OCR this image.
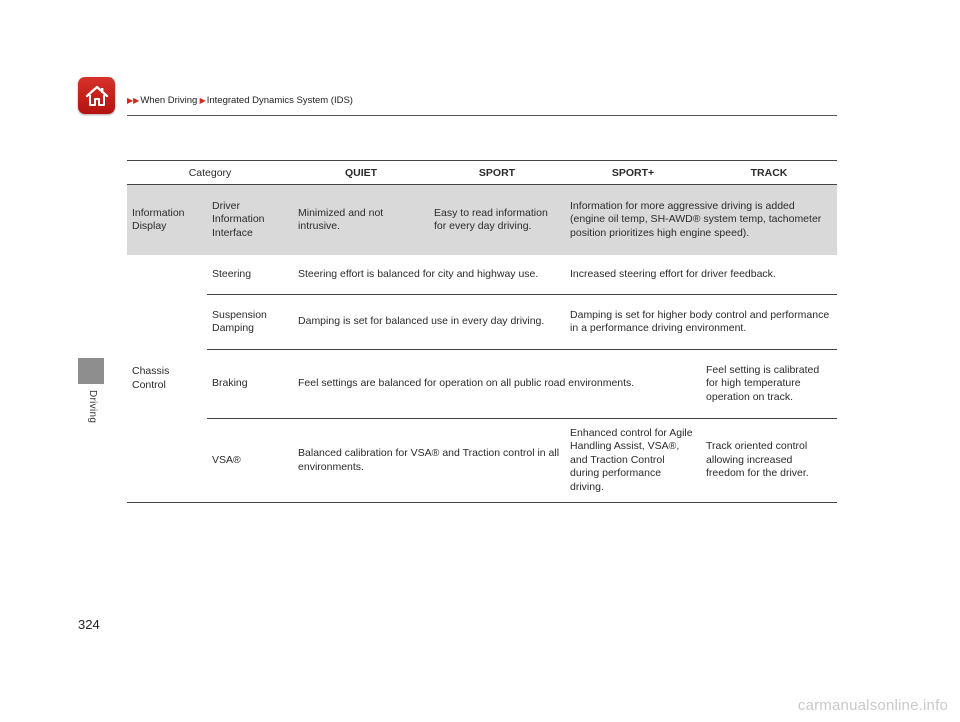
▶▶When Driving ▶Integrated Dynamics System (IDS)
Driving
Category		QUIET	SPORT	SPORT+	TRACK
Information Display	Driver Information Interface	Minimized and not intrusive.	Easy to read information for every day driving.	Information for more aggressive driving is added (engine oil temp, SH-AWD® system temp, tachometer position prioritizes high engine speed).	
Chassis Control	Steering	Steering effort is balanced for city and highway use.		Increased steering effort for driver feedback.	
	Suspension Damping	Damping is set for balanced use in every day driving.		Damping is set for higher body control and performance in a performance driving environment.	
	Braking	Feel settings are balanced for operation on all public road environments.			Feel setting is calibrated for high temperature operation on track.
	VSA®	Balanced calibration for VSA® and Traction control in all environments.		Enhanced control for Agile Handling Assist, VSA®, and Traction Control during performance driving.	Track oriented control allowing increased freedom for the driver.
324
carmanualsonline.info
